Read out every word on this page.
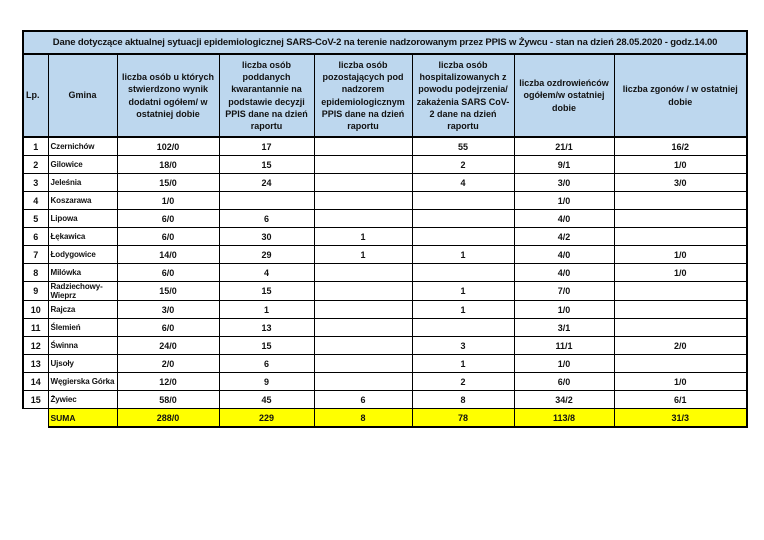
Dane dotyczące aktualnej sytuacji epidemiologicznej SARS-CoV-2 na terenie nadzorowanym przez PPIS w Żywcu - stan na dzień 28.05.2020 - godz.14.00							
Lp.	Gmina	liczba osób u których stwierdzono wynik dodatni ogółem/ w ostatniej dobie	liczba osób poddanych kwarantannie na podstawie decyzji PPIS dane na dzień raportu	liczba osób pozostających pod nadzorem epidemiologicznym PPIS dane na dzień raportu	liczba osób hospitalizowanych z powodu podejrzenia/ zakażenia SARS CoV-2 dane na dzień raportu	liczba ozdrowieńców ogółem/w ostatniej dobie	liczba zgonów / w ostatniej dobie
1	Czernichów	102/0	17		55	21/1	16/2
2	Gilowice	18/0	15		2	9/1	1/0
3	Jeleśnia	15/0	24		4	3/0	3/0
4	Koszarawa	1/0				1/0	
5	Lipowa	6/0	6			4/0	
6	Łękawica	6/0	30	1		4/2	
7	Łodygowice	14/0	29	1	1	4/0	1/0
8	Milówka	6/0	4			4/0	1/0
9	Radziechowy-Wieprz	15/0	15		1	7/0	
10	Rajcza	3/0	1		1	1/0	
11	Ślemień	6/0	13			3/1	
12	Świnna	24/0	15		3	11/1	2/0
13	Ujsoły	2/0	6		1	1/0	
14	Węgierska Górka	12/0	9		2	6/0	1/0
15	Żywiec	58/0	45	6	8	34/2	6/1
	SUMA	288/0	229	8	78	113/8	31/3
